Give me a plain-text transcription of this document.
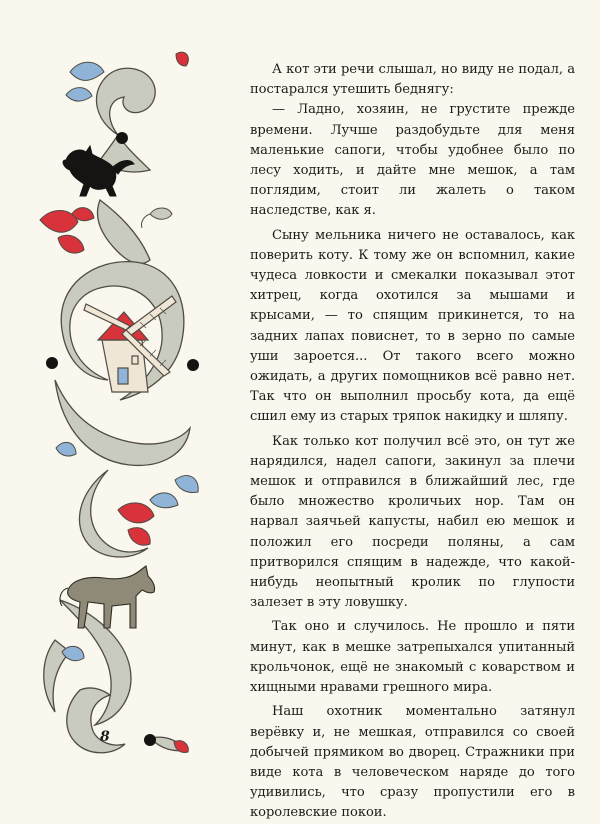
А кот эти речи слышал, но виду не подал, а постарался утешить беднягу:

— Ладно, хозяин, не грустите прежде времени. Лучше раздобудьте для меня маленькие сапоги, чтобы удобнее было по лесу ходить, и дайте мне мешок, а там поглядим, стоит ли жалеть о таком наследстве, как я.

Сыну мельника ничего не оставалось, как поверить коту. К тому же он вспомнил, какие чудеса ловкости и смекалки показывал этот хитрец, когда охотился за мышами и крысами, — то спящим прикинется, то на задних лапах повиснет, то в зерно по самые уши зароется... От такого всего можно ожидать, а других помощников всё равно нет. Так что он выполнил просьбу кота, да ещё сшил ему из старых тряпок накидку и шляпу.

Как только кот получил всё это, он тут же нарядился, надел сапоги, закинул за плечи мешок и отправился в ближайший лес, где было множество кроличьих нор. Там он нарвал заячьей капусты, набил ею мешок и положил его посреди поляны, а сам притворился спящим в надежде, что какой-нибудь неопытный кролик по глупости залезет в эту ловушку.

Так оно и случилось. Не прошло и пяти минут, как в мешке затрепыхался упитанный крольчонок, ещё не знакомый с коварством и хищными нравами грешного мира.

Наш охотник моментально затянул верёвку и, не мешкая, отправился со своей добычей прямиком во дворец. Стражники при виде кота в человеческом наряде до того удивились, что сразу пропустили его в королевские покои.

8
